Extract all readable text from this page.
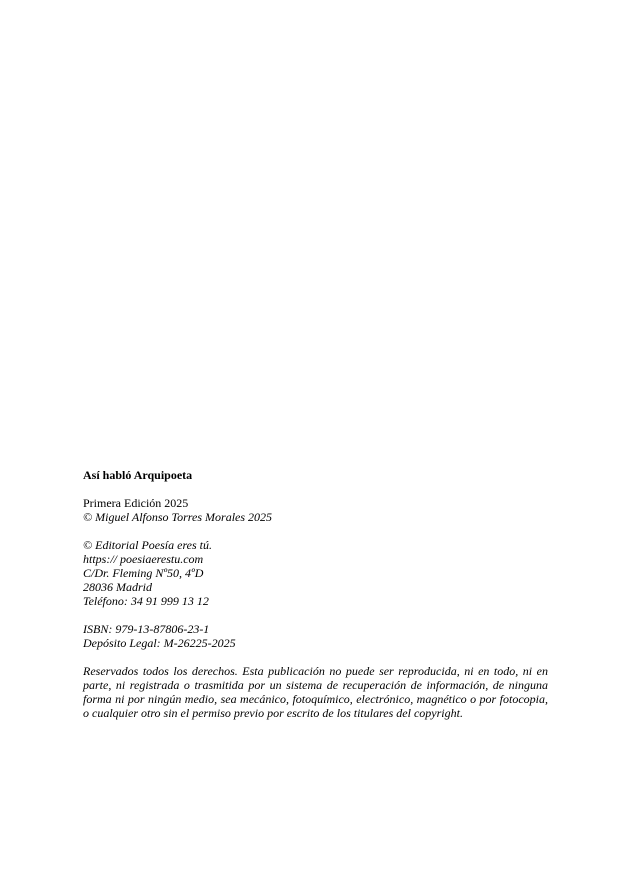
Así habló Arquipoeta

Primera Edición 2025

© Miguel Alfonso Torres Morales 2025

© Editorial Poesía eres tú.

https:// poesiaerestu.com

C/Dr. Fleming Nº50, 4ºD

28036 Madrid

Teléfono: 34 91 999 13 12

ISBN: 979-13-87806-23-1

Depósito Legal: M-26225-2025

Reservados todos los derechos. Esta publicación no puede ser reproducida, ni en todo, ni en parte, ni registrada o trasmitida por un sistema de recuperación de información, de ninguna forma ni por ningún medio, sea mecánico, fotoquímico, electrónico, magnético o por fotocopia, o cualquier otro sin el permiso previo por escrito de los titulares del copyright.
